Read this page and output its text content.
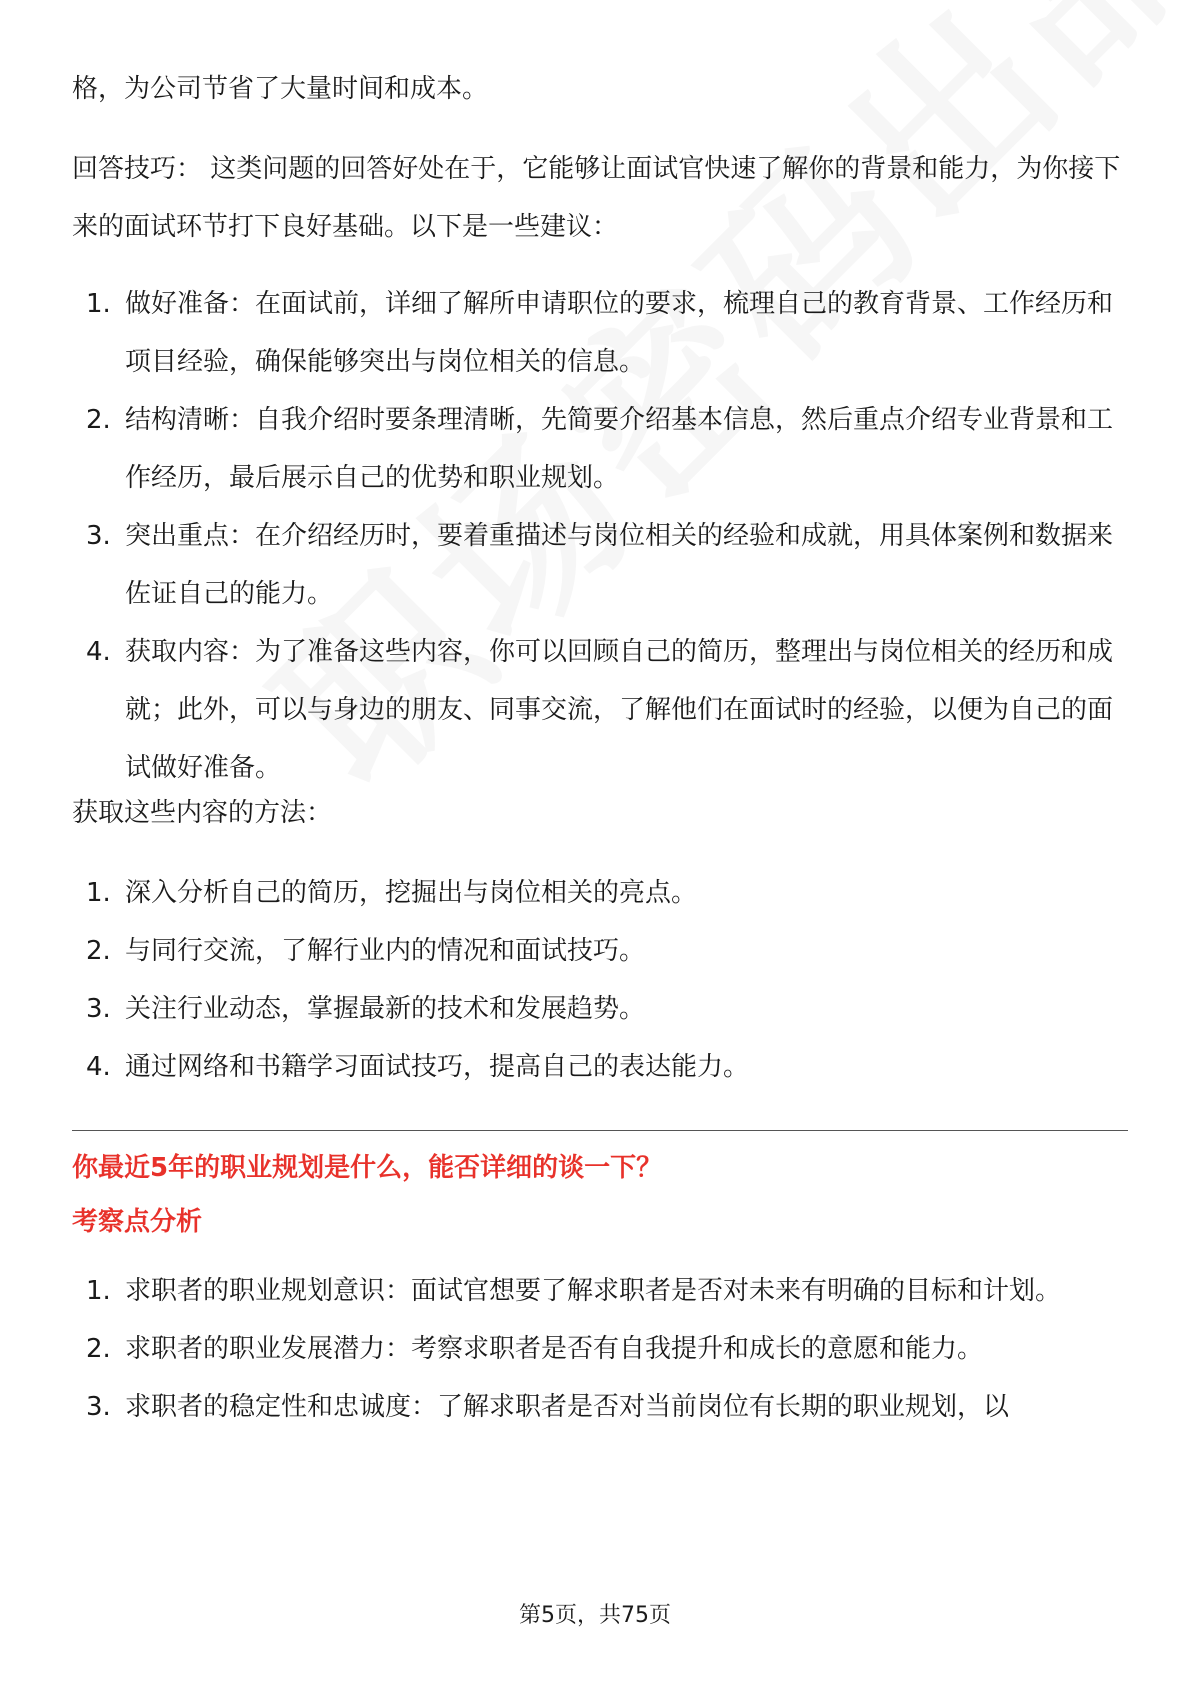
格，为公司节省了大量时间和成本。

回答技巧： 这类问题的回答好处在于，它能够让面试官快速了解你的背景和能力，为你接下来的面试环节打下良好基础。以下是一些建议：

1. 做好准备：在面试前，详细了解所申请职位的要求，梳理自己的教育背景、工作经历和项目经验，确保能够突出与岗位相关的信息。
2. 结构清晰：自我介绍时要条理清晰，先简要介绍基本信息，然后重点介绍专业背景和工作经历，最后展示自己的优势和职业规划。
3. 突出重点：在介绍经历时，要着重描述与岗位相关的经验和成就，用具体案例和数据来佐证自己的能力。
4. 获取内容：为了准备这些内容，你可以回顾自己的简历，整理出与岗位相关的经历和成就；此外，可以与身边的朋友、同事交流，了解他们在面试时的经验，以便为自己的面试做好准备。

获取这些内容的方法：

1. 深入分析自己的简历，挖掘出与岗位相关的亮点。
2. 与同行交流，了解行业内的情况和面试技巧。
3. 关注行业动态，掌握最新的技术和发展趋势。
4. 通过网络和书籍学习面试技巧，提高自己的表达能力。
你最近5年的职业规划是什么，能否详细的谈一下？
考察点分析
1. 求职者的职业规划意识：面试官想要了解求职者是否对未来有明确的目标和计划。
2. 求职者的职业发展潜力：考察求职者是否有自我提升和成长的意愿和能力。
3. 求职者的稳定性和忠诚度：了解求职者是否对当前岗位有长期的职业规划，以
第5页，共75页
